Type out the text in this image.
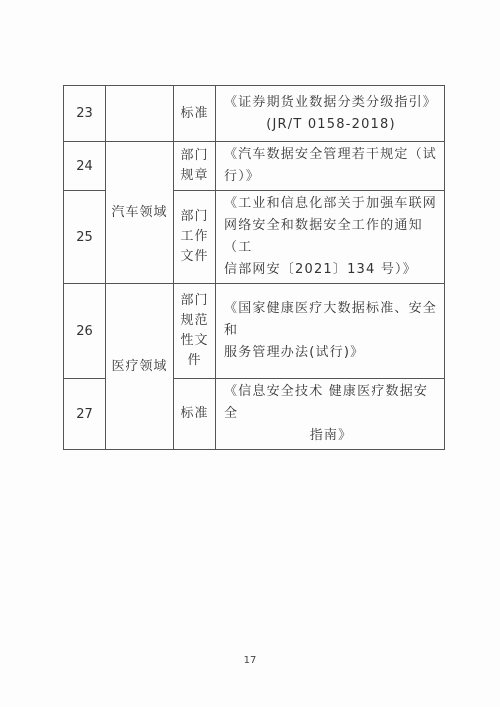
23		标准	《证券期货业数据分类分级指引》
(JR/T 0158-2018)

24	汽车领域	部门
规章	《汽车数据安全管理若干规定（试
行）》

25		部门
工作
文件	《工业和信息化部关于加强车联网
网络安全和数据安全工作的通知（工
信部网安〔2021〕134 号）》

26	医疗领域	部门
规范
性文
件	《国家健康医疗大数据标准、安全和
服务管理办法(试行)》

27		标准	《信息安全技术 健康医疗数据安全
指南》
17
